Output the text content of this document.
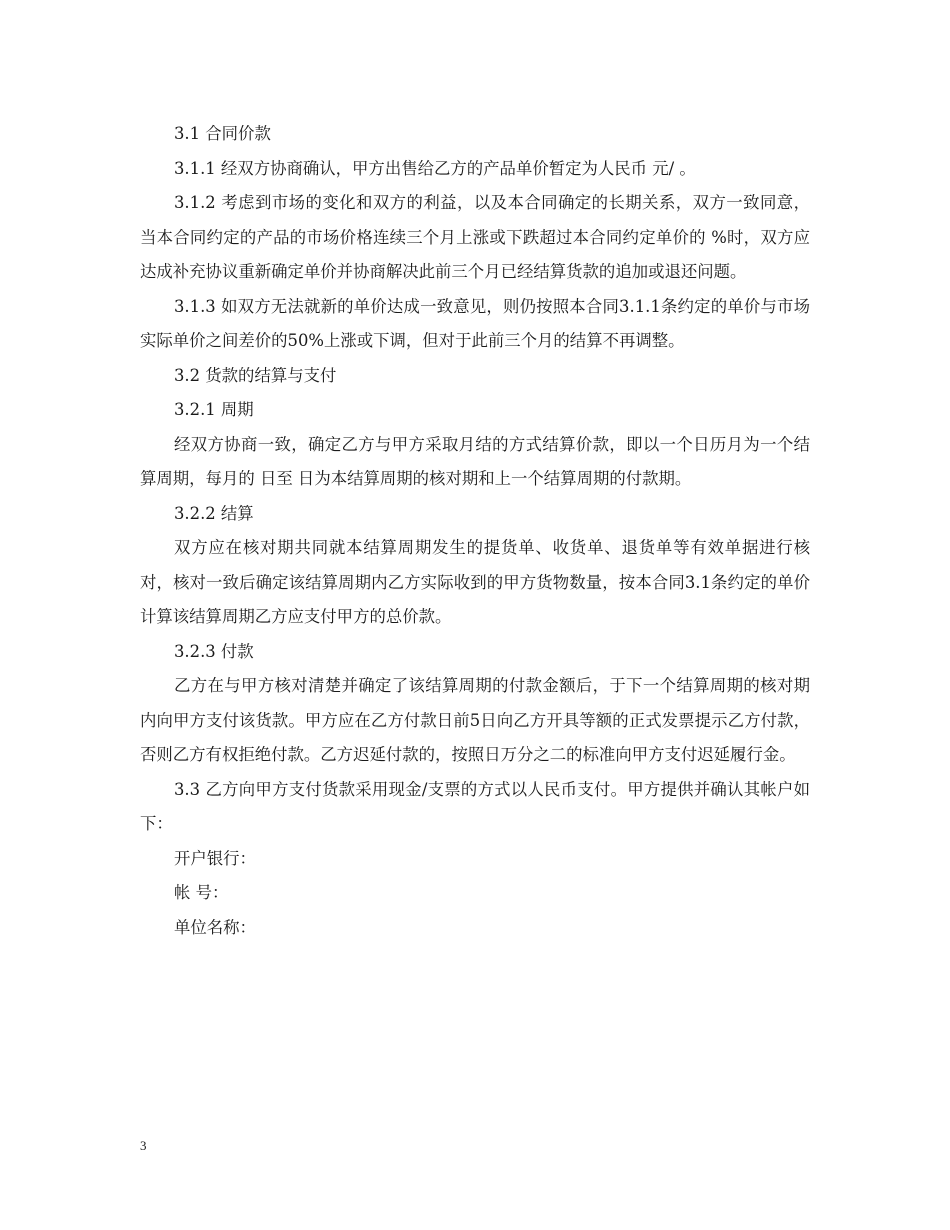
3.1 合同价款

3.1.1 经双方协商确认，甲方出售给乙方的产品单价暂定为人民币 元/ 。

3.1.2 考虑到市场的变化和双方的利益，以及本合同确定的长期关系，双方一致同意，当本合同约定的产品的市场价格连续三个月上涨或下跌超过本合同约定单价的 %时，双方应达成补充协议重新确定单价并协商解决此前三个月已经结算货款的追加或退还问题。

3.1.3 如双方无法就新的单价达成一致意见，则仍按照本合同3.1.1条约定的单价与市场实际单价之间差价的50%上涨或下调，但对于此前三个月的结算不再调整。

3.2 货款的结算与支付

3.2.1 周期

经双方协商一致，确定乙方与甲方采取月结的方式结算价款，即以一个日历月为一个结算周期，每月的 日至 日为本结算周期的核对期和上一个结算周期的付款期。

3.2.2 结算

双方应在核对期共同就本结算周期发生的提货单、收货单、退货单等有效单据进行核对，核对一致后确定该结算周期内乙方实际收到的甲方货物数量，按本合同3.1条约定的单价计算该结算周期乙方应支付甲方的总价款。

3.2.3 付款

乙方在与甲方核对清楚并确定了该结算周期的付款金额后，于下一个结算周期的核对期内向甲方支付该货款。甲方应在乙方付款日前5日向乙方开具等额的正式发票提示乙方付款，否则乙方有权拒绝付款。乙方迟延付款的，按照日万分之二的标准向甲方支付迟延履行金。

3.3 乙方向甲方支付货款采用现金/支票的方式以人民币支付。甲方提供并确认其帐户如下：

开户银行：

帐 号：

单位名称：

3
